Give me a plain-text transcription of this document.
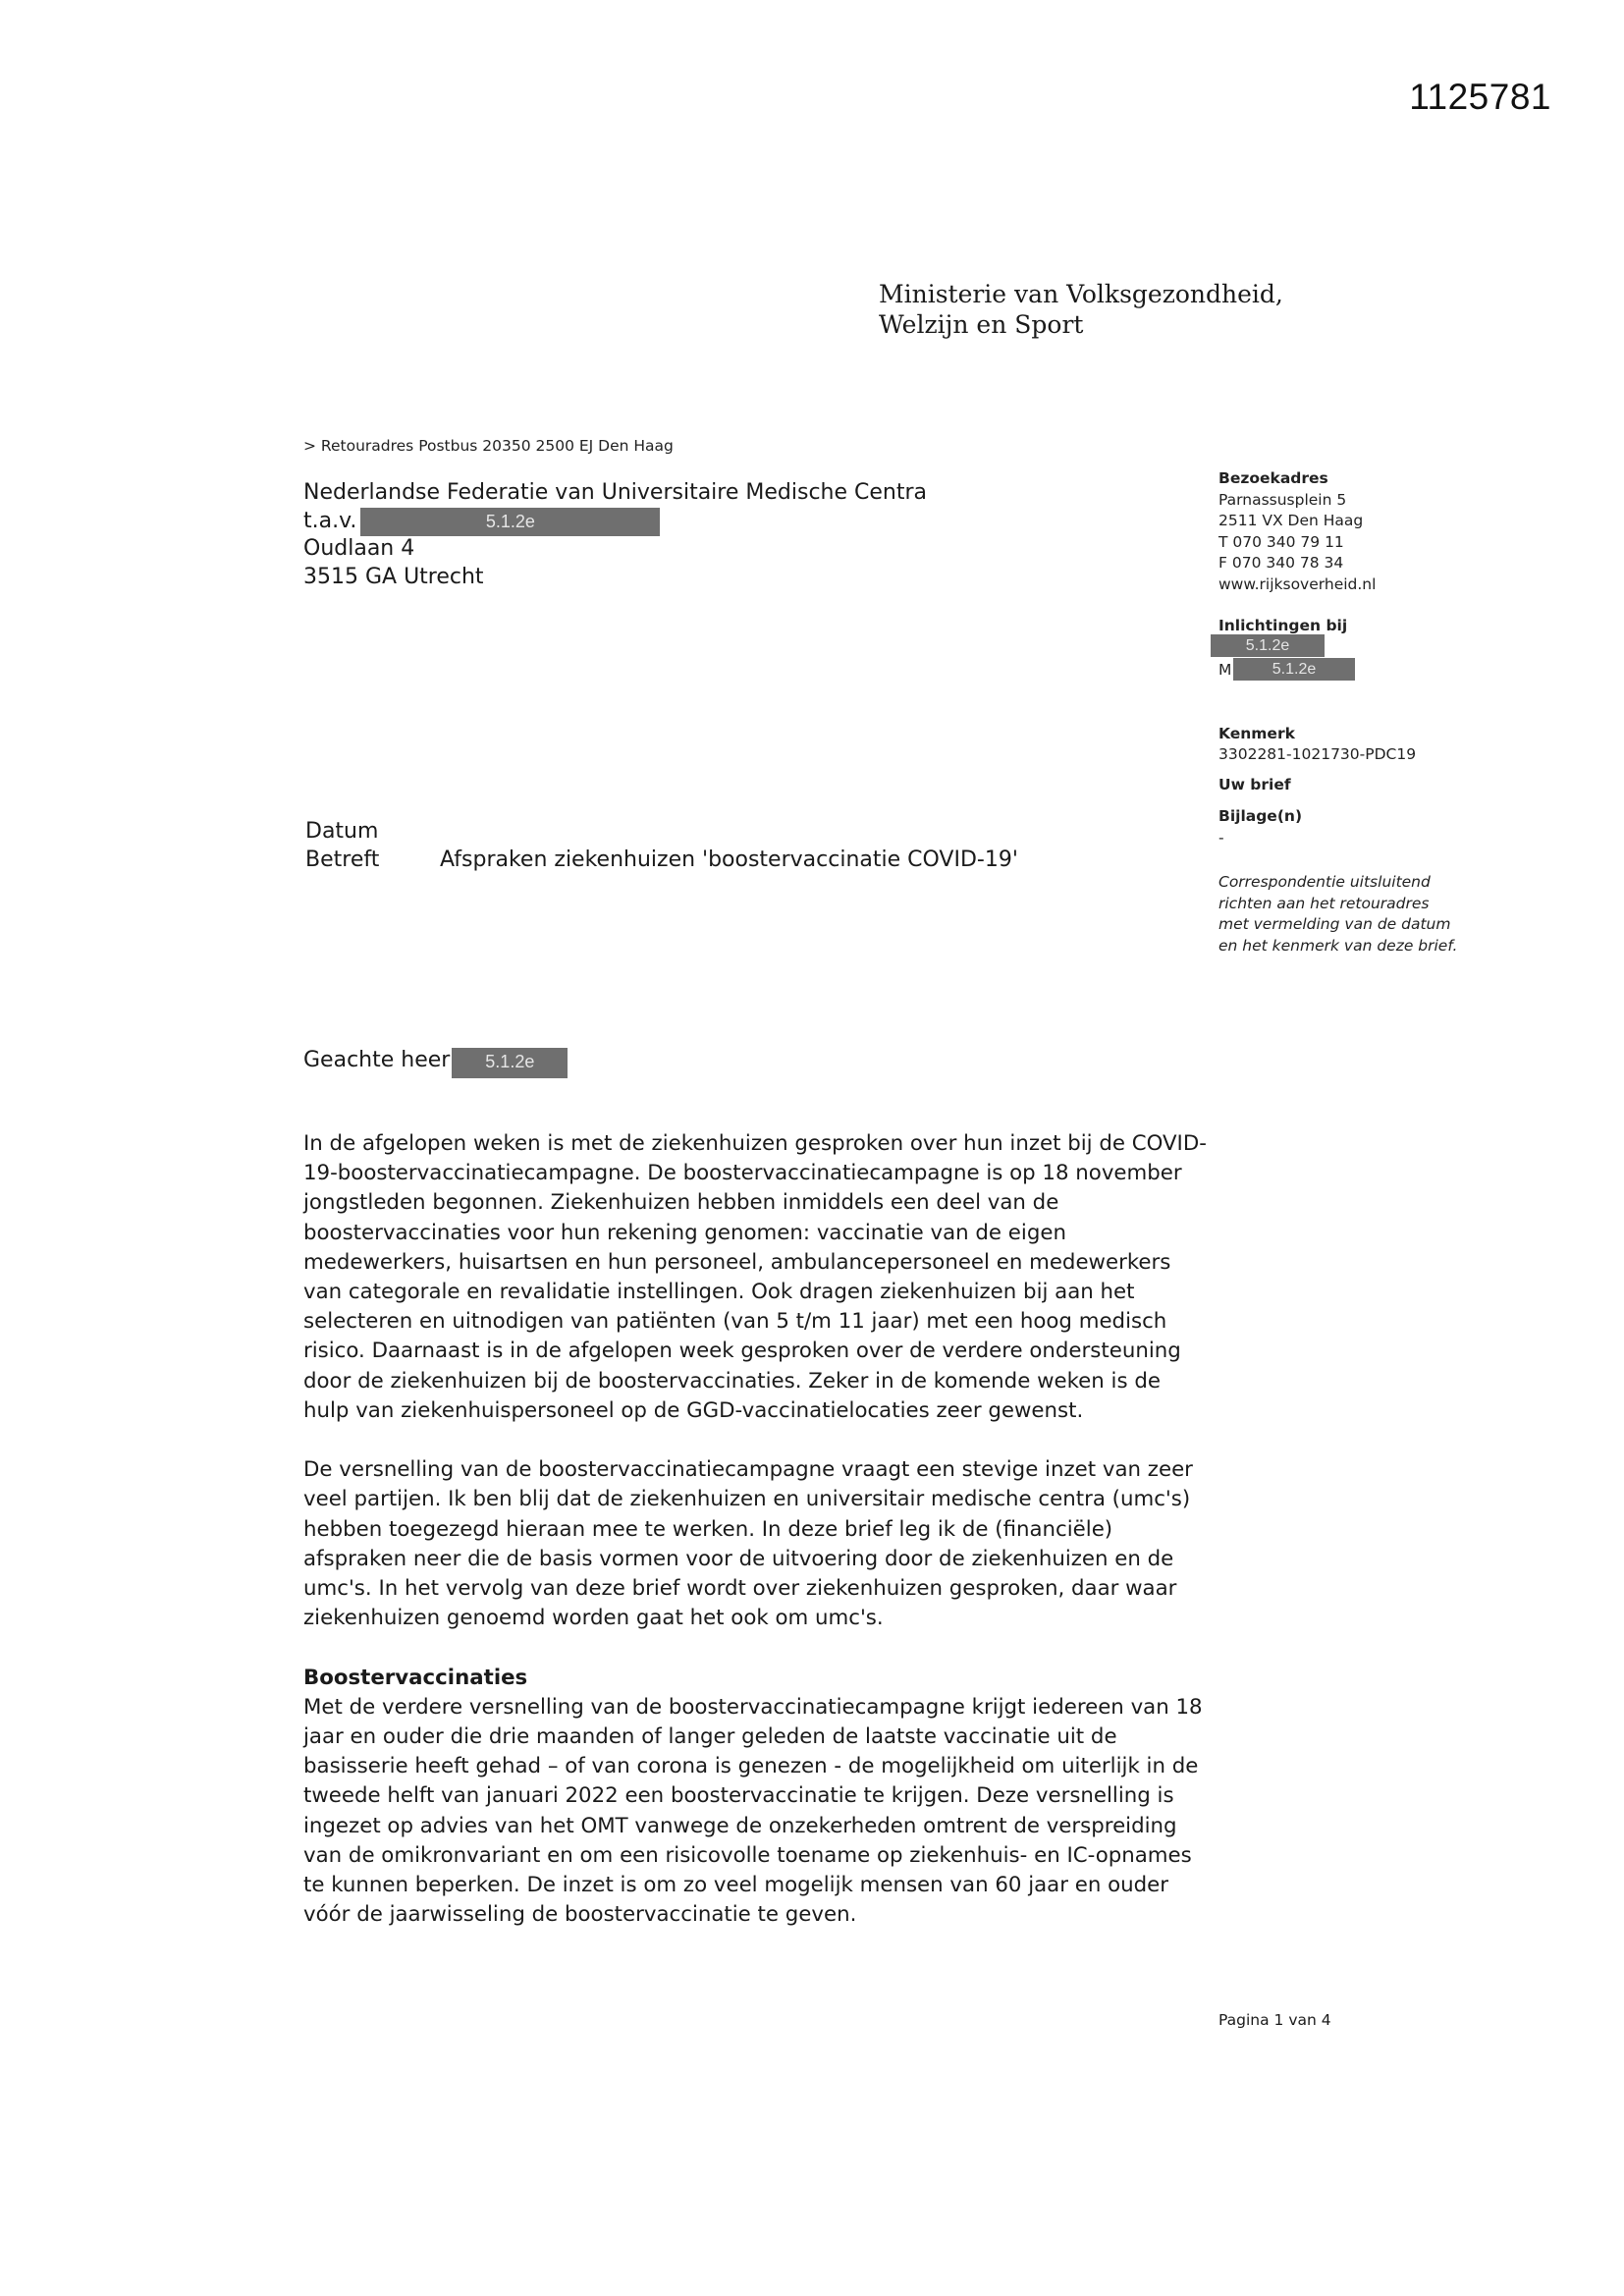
1125781
Ministerie van Volksgezondheid,
Welzijn en Sport
> Retouradres Postbus 20350 2500 EJ Den Haag
Nederlandse Federatie van Universitaire Medische Centra
t.a.v.	5.1.2e
Oudlaan 4
3515 GA Utrecht
Bezoekadres
Parnassusplein 5
2511 VX Den Haag
T 070 340 79 11
F 070 340 78 34
www.rijksoverheid.nl
Inlichtingen bij
5.1.2e
M	5.1.2e
Kenmerk
3302281-1021730-PDC19
Uw brief
Bijlage(n)
-
Correspondentie uitsluitend richten aan het retouradres met vermelding van de datum en het kenmerk van deze brief.
Datum
Betreft	Afspraken ziekenhuizen 'boostervaccinatie COVID-19'
Geachte heer 5.1.2e

In de afgelopen weken is met de ziekenhuizen gesproken over hun inzet bij de COVID-19-boostervaccinatiecampagne. De boostervaccinatiecampagne is op 18 november jongstleden begonnen. Ziekenhuizen hebben inmiddels een deel van de boostervaccinaties voor hun rekening genomen: vaccinatie van de eigen medewerkers, huisartsen en hun personeel, ambulancepersoneel en medewerkers van categorale en revalidatie instellingen. Ook dragen ziekenhuizen bij aan het selecteren en uitnodigen van patiënten (van 5 t/m 11 jaar) met een hoog medisch risico. Daarnaast is in de afgelopen week gesproken over de verdere ondersteuning door de ziekenhuizen bij de boostervaccinaties. Zeker in de komende weken is de hulp van ziekenhuispersoneel op de GGD-vaccinatielocaties zeer gewenst.

De versnelling van de boostervaccinatiecampagne vraagt een stevige inzet van zeer veel partijen. Ik ben blij dat de ziekenhuizen en universitair medische centra (umc's) hebben toegezegd hieraan mee te werken. In deze brief leg ik de (financiële) afspraken neer die de basis vormen voor de uitvoering door de ziekenhuizen en de umc's. In het vervolg van deze brief wordt over ziekenhuizen gesproken, daar waar ziekenhuizen genoemd worden gaat het ook om umc's.

Boostervaccinaties

Met de verdere versnelling van de boostervaccinatiecampagne krijgt iedereen van 18 jaar en ouder die drie maanden of langer geleden de laatste vaccinatie uit de basisserie heeft gehad – of van corona is genezen - de mogelijkheid om uiterlijk in de tweede helft van januari 2022 een boostervaccinatie te krijgen. Deze versnelling is ingezet op advies van het OMT vanwege de onzekerheden omtrent de verspreiding van de omikronvariant en om een risicovolle toename op ziekenhuis- en IC-opnames te kunnen beperken. De inzet is om zo veel mogelijk mensen van 60 jaar en ouder vóór de jaarwisseling de boostervaccinatie te geven.

Pagina 1 van 4
